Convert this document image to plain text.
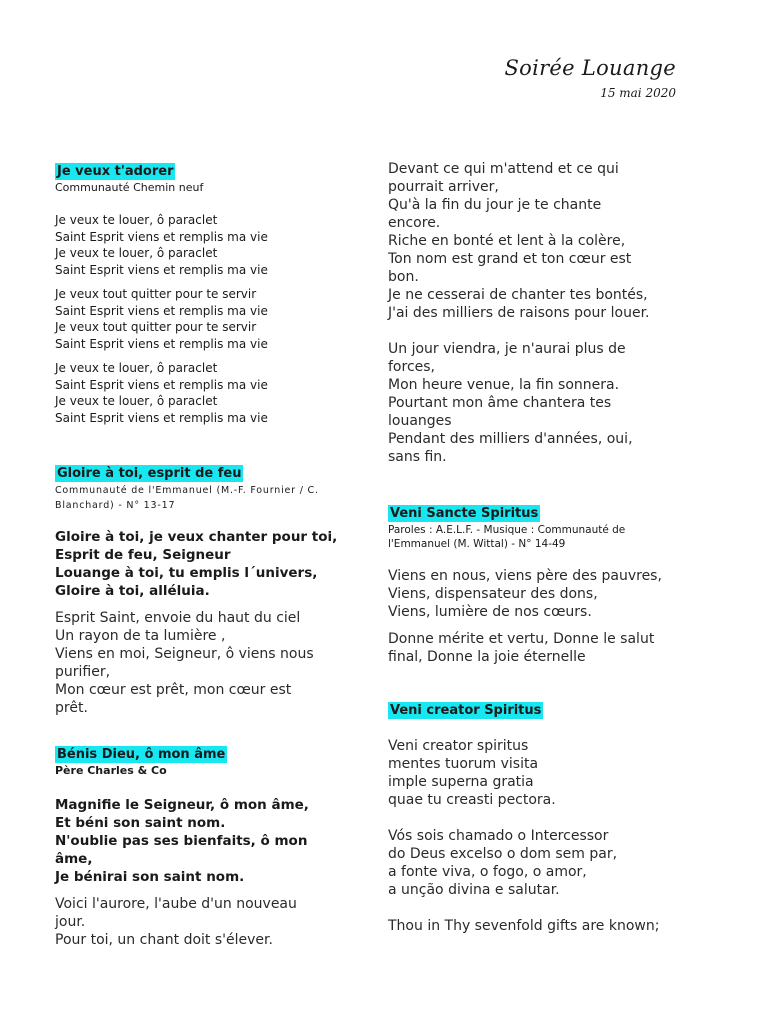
Soirée Louange
15 mai 2020
Je veux t'adorer
Communauté Chemin neuf
Je veux te louer, ô paraclet
Saint Esprit viens et remplis ma vie
Je veux te louer, ô paraclet
Saint Esprit viens et remplis ma vie
Je veux tout quitter pour te servir
Saint Esprit viens et remplis ma vie
Je veux tout quitter pour te servir
Saint Esprit viens et remplis ma vie
Je veux te louer, ô paraclet
Saint Esprit viens et remplis ma vie
Je veux te louer, ô paraclet
Saint Esprit viens et remplis ma vie
Gloire à toi, esprit de feu
Communauté de l'Emmanuel (M.-F. Fournier / C. Blanchard) - N° 13-17
Gloire à toi, je veux chanter pour toi,
Esprit de feu, Seigneur
Louange à toi, tu emplis l´univers,
Gloire à toi, alléluia.
Esprit Saint, envoie du haut du ciel
Un rayon de ta lumière ,
Viens en moi, Seigneur, ô viens nous
purifier,
Mon cœur est prêt, mon cœur est
prêt.
Bénis Dieu, ô mon âme
Père Charles & Co
Magnifie le Seigneur, ô mon âme,
Et béni son saint nom.
N'oublie pas ses bienfaits, ô mon
âme,
Je bénirai son saint nom.
Voici l'aurore, l'aube d'un nouveau
jour.
Pour toi, un chant doit s'élever.
Devant ce qui m'attend et ce qui
pourrait arriver,
Qu'à la fin du jour je te chante
encore.
Riche en bonté et lent à la colère,
Ton nom est grand et ton cœur est
bon.
Je ne cesserai de chanter tes bontés,
J'ai des milliers de raisons pour louer.
Un jour viendra, je n'aurai plus de
forces,
Mon heure venue, la fin sonnera.
Pourtant mon âme chantera tes
louanges
Pendant des milliers d'années, oui,
sans fin.
Veni Sancte Spiritus
Paroles : A.E.L.F. - Musique : Communauté de l'Emmanuel (M. Wittal) - N° 14-49
Viens en nous, viens père des pauvres,
Viens, dispensateur des dons,
Viens, lumière de nos cœurs.
Donne mérite et vertu, Donne le salut
final, Donne la joie éternelle
Veni creator Spiritus
Veni creator spiritus
mentes tuorum visita
imple superna gratia
quae tu creasti pectora.
Vós sois chamado o Intercessor
do Deus excelso o dom sem par,
a fonte viva, o fogo, o amor,
a unção divina e salutar.
Thou in Thy sevenfold gifts are known;
